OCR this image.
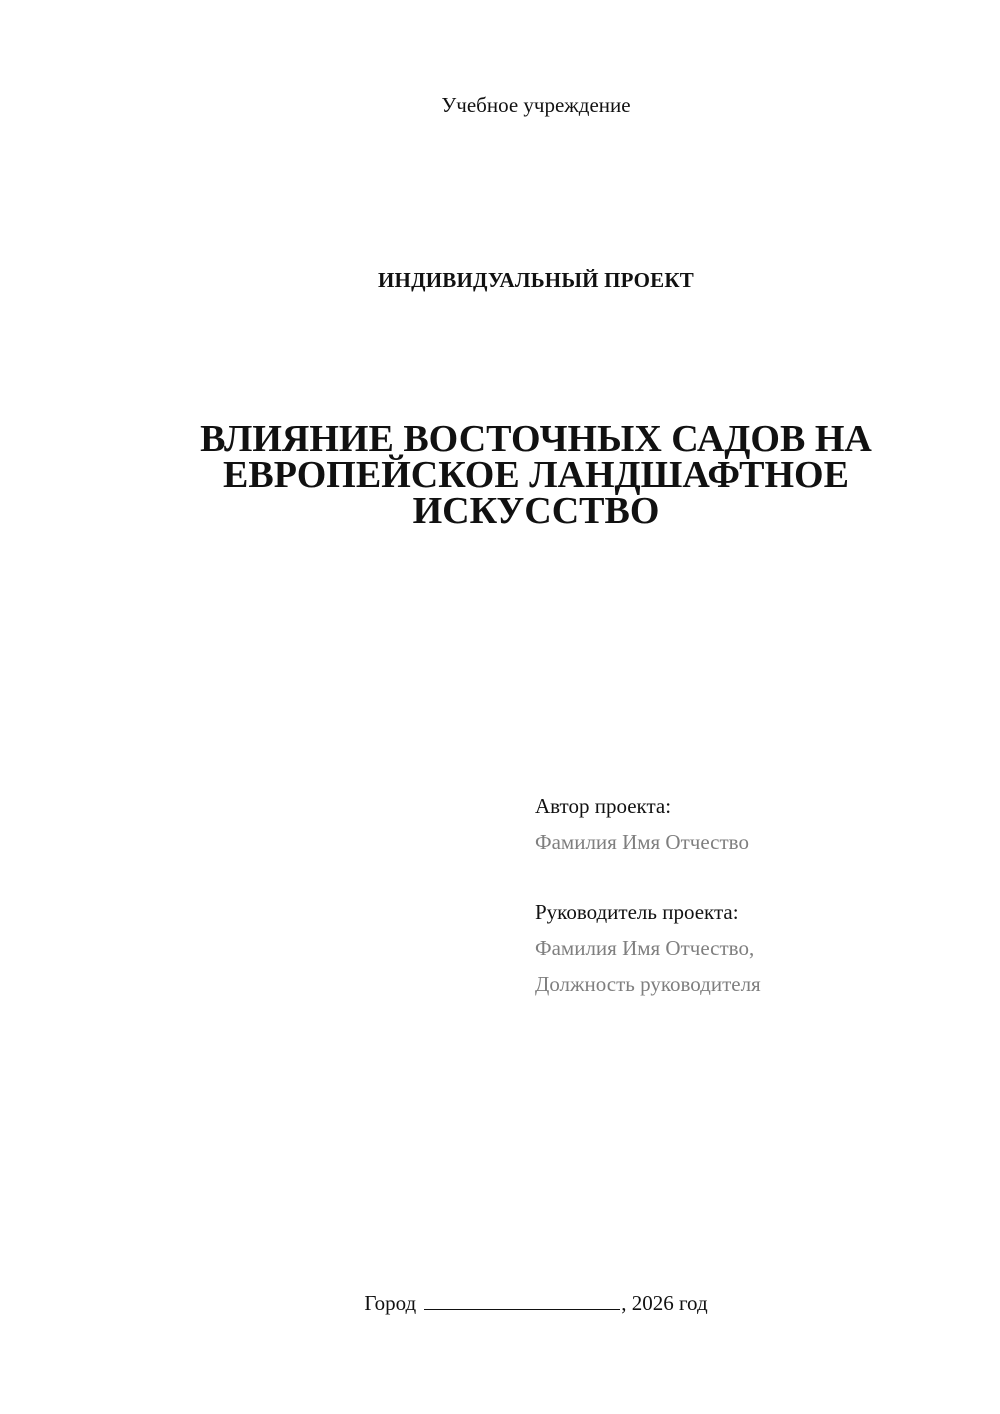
Учебное учреждение
ИНДИВИДУАЛЬНЫЙ ПРОЕКТ
ВЛИЯНИЕ ВОСТОЧНЫХ САДОВ НА
ЕВРОПЕЙСКОЕ ЛАНДШАФТНОЕ
ИСКУССТВО
Автор проекта:
Фамилия Имя Отчество
Руководитель проекта:
Фамилия Имя Отчество,
Должность руководителя
Город	, 2026 год
